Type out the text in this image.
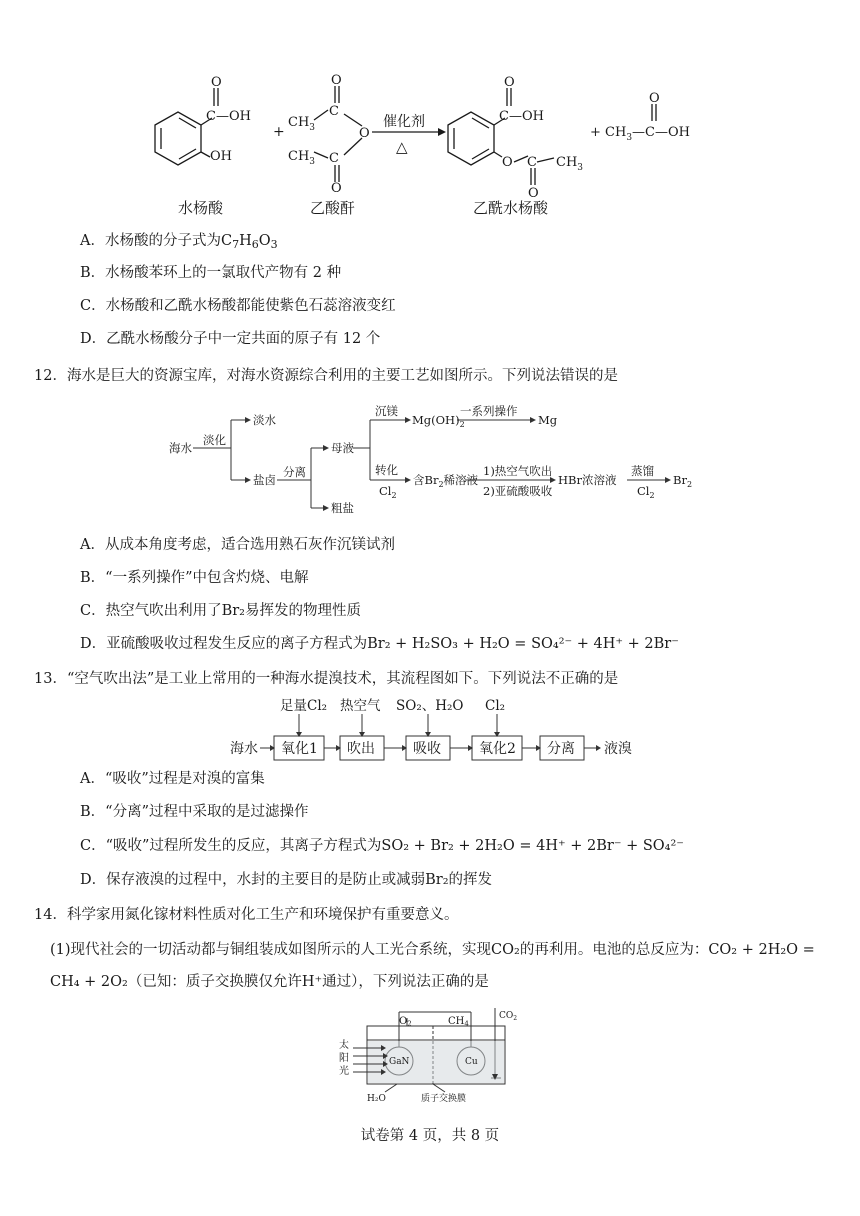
C—OH
O
OH
+
$CH_3$
C
O
O
$CH_3$ C
O
催化剂
△
C—OH
O
O C $CH_3$
O
+ $CH_3—C—OH$
O
水杨酸	乙酸酐	乙酰水杨酸
A．水杨酸的分子式为$C_7H_6O_3$
B．水杨酸苯环上的一氯取代产物有 2 种
C．水杨酸和乙酰水杨酸都能使紫色石蕊溶液变红
D．乙酰水杨酸分子中一定共面的原子有 12 个
12．海水是巨大的资源宝库，对海水资源综合利用的主要工艺如图所示。下列说法错误的是
海水
淡化
淡水
盐卤
分离
母液
粗盐
沉镁
$Mg(OH)_2$
一系列操作
Mg
转化
$Cl_2$
含$Br_2$稀溶液
1)热空气吹出
2)亚硫酸吸收
HBr浓溶液
蒸馏
$Cl_2$
$Br_2$
A．从成本角度考虑，适合选用熟石灰作沉镁试剂
B．“一系列操作”中包含灼烧、电解
C．热空气吹出利用了Br₂易挥发的物理性质
D．亚硫酸吸收过程发生反应的离子方程式为Br₂ + H₂SO₃ + H₂O = SO₄²⁻ + 4H⁺ + 2Br⁻
13．“空气吹出法”是工业上常用的一种海水提溴技术，其流程图如下。下列说法不正确的是
足量Cl₂ 热空气 SO₂、H₂O Cl₂
海水 氧化1 吹出	吸收	氧化2 分离 液溴
A．“吸收”过程是对溴的富集
B．“分离”过程中采取的是过滤操作
C．“吸收”过程所发生的反应，其离子方程式为SO₂ + Br₂ + 2H₂O = 4H⁺ + 2Br⁻ + SO₄²⁻
D．保存液溴的过程中，水封的主要目的是防止或减弱Br₂的挥发
14．科学家用氮化镓材料性质对化工生产和环境保护有重要意义。
(1)现代社会的一切活动都与铜组装成如图所示的人工光合系统，实现CO₂的再利用。电池的总反应为：CO₂ + 2H₂O =
CH₄ + 2O₂（已知：质子交换膜仅允许H⁺通过），下列说法正确的是
$O_2$	$CH_4$
$CO_2$
GaN	Cu
太
阳
光
H₂O	质子交换膜
试卷第 4 页，共 8 页
